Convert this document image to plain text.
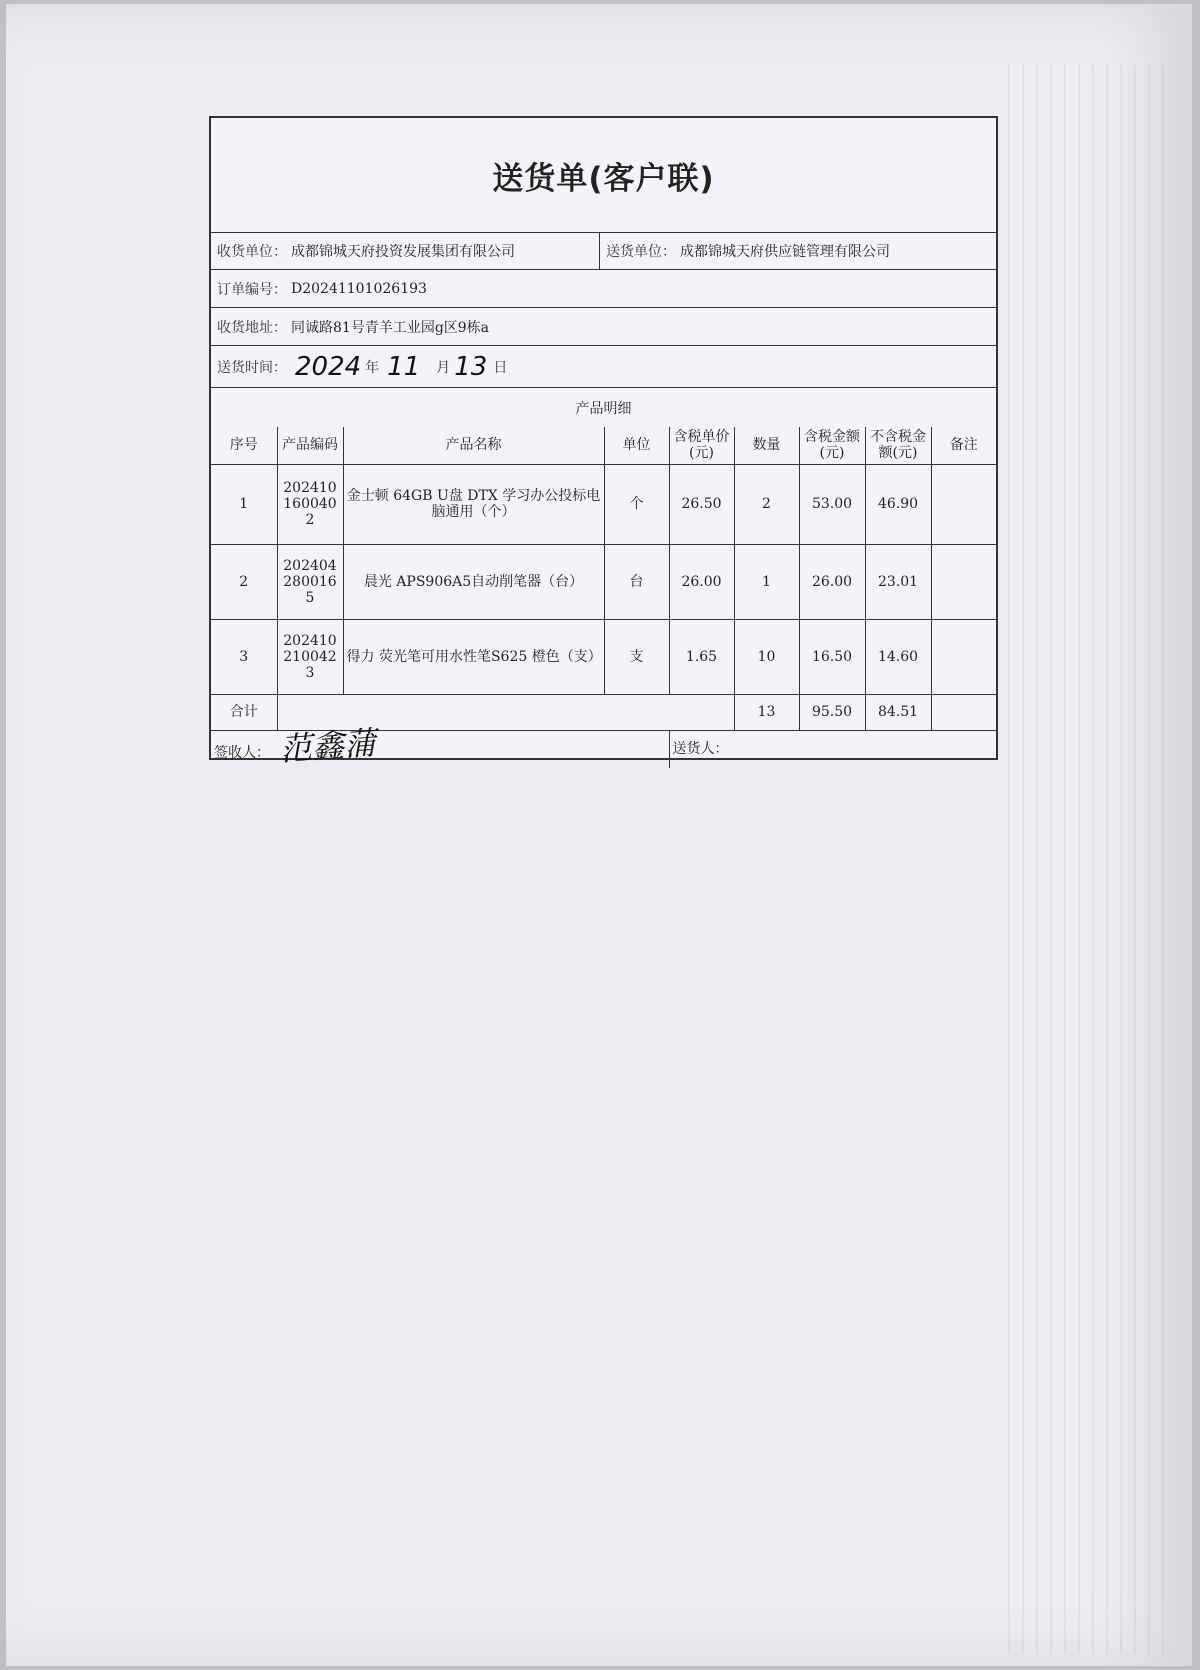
送货单(客户联)
收货单位： 成都锦城天府投资发展集团有限公司	送货单位： 成都锦城天府供应链管理有限公司
订单编号： D20241101026193
收货地址： 同诚路81号青羊工业园g区9栋a
送货时间： 2024 年 11 月 13 日
产品明细
序号	产品编码	产品名称	单位	含税单价(元)	数量	含税金额(元)	不含税金额(元)	备注
1	2024101600402	金士顿 64GB U盘 DTX 学习办公投标电脑通用（个）	个	26.50	2	53.00	46.90	
2	2024042800165	晨光 APS906A5自动削笔器（台）	台	26.00	1	26.00	23.01	
3	2024102100423	得力 荧光笔可用水性笔S625 橙色（支）	支	1.65	10	16.50	14.60	
合计					13	95.50	84.51	
签收人： 范鑫蒲				送货人：				
